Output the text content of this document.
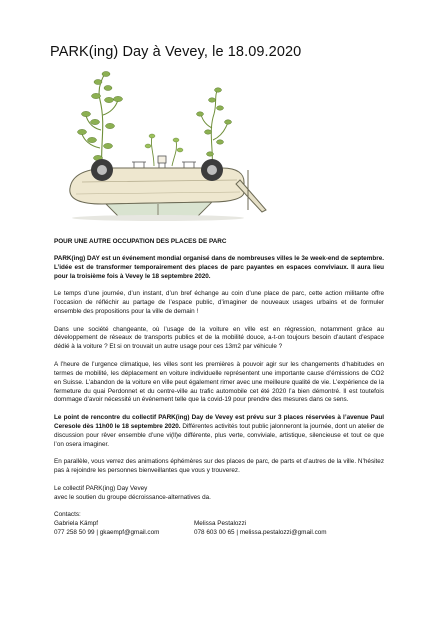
PARK(ing) Day à Vevey, le 18.09.2020
POUR UNE AUTRE OCCUPATION DES PLACES DE PARC

PARK(ing) DAY est un événement mondial organisé dans de nombreuses villes le 3e week-end de septembre. L’idée est de transformer temporairement des places de parc payantes en espaces conviviaux. Il aura lieu pour la troisième fois à Vevey le 18 septembre 2020.

Le temps d’une journée, d’un instant, d’un bref échange au coin d’une place de parc, cette action militante offre l’occasion de réfléchir au partage de l’espace public, d’imaginer de nouveaux usages urbains et de formuler ensemble des propositions pour la ville de demain !

Dans une société changeante, où l’usage de la voiture en ville est en régression, notamment grâce au développement de réseaux de transports publics et de la mobilité douce, a-t-on toujours besoin d’autant d’espace dédié à la voiture ? Et si on trouvait un autre usage pour ces 13m2 par véhicule ?

A l’heure de l’urgence climatique, les villes sont les premières à pouvoir agir sur les changements d’habitudes en termes de mobilité, les déplacement en voiture individuelle représentent une importante cause d’émissions de CO2 en Suisse. L’abandon de la voiture en ville peut également rimer avec une meilleure qualité de vie. L’expérience de la fermeture du quai Perdonnet et du centre-ville au trafic automobile cet été 2020 l’a bien démontré. Il est toutefois dommage d’avoir nécessité un événement telle que la covid-19 pour prendre des mesures dans ce sens.

Le point de rencontre du collectif PARK(ing) Day de Vevey est prévu sur 3 places réservées à l’avenue Paul Ceresole dès 11h00 le 18 septembre 2020. Différentes activités tout public jalonneront la journée, dont un atelier de discussion pour rêver ensemble d’une vi(ll)e différente, plus verte, conviviale, artistique, silencieuse et tout ce que l’on osera imaginer.

En parallèle, vous verrez des animations éphémères sur des places de parc, de parts et d’autres de la ville. N’hésitez pas à rejoindre les personnes bienveillantes que vous y trouverez.

Le collectif PARK(ing) Day Vevey
avec le soutien du groupe décroissance-alternatives da.
Contacts:
Gabriela Kämpf	Melissa Pestalozzi
077 258 50 99 | gkaempf@gmail.com	078 603 00 65 | melissa.pestalozzi@gmail.com
